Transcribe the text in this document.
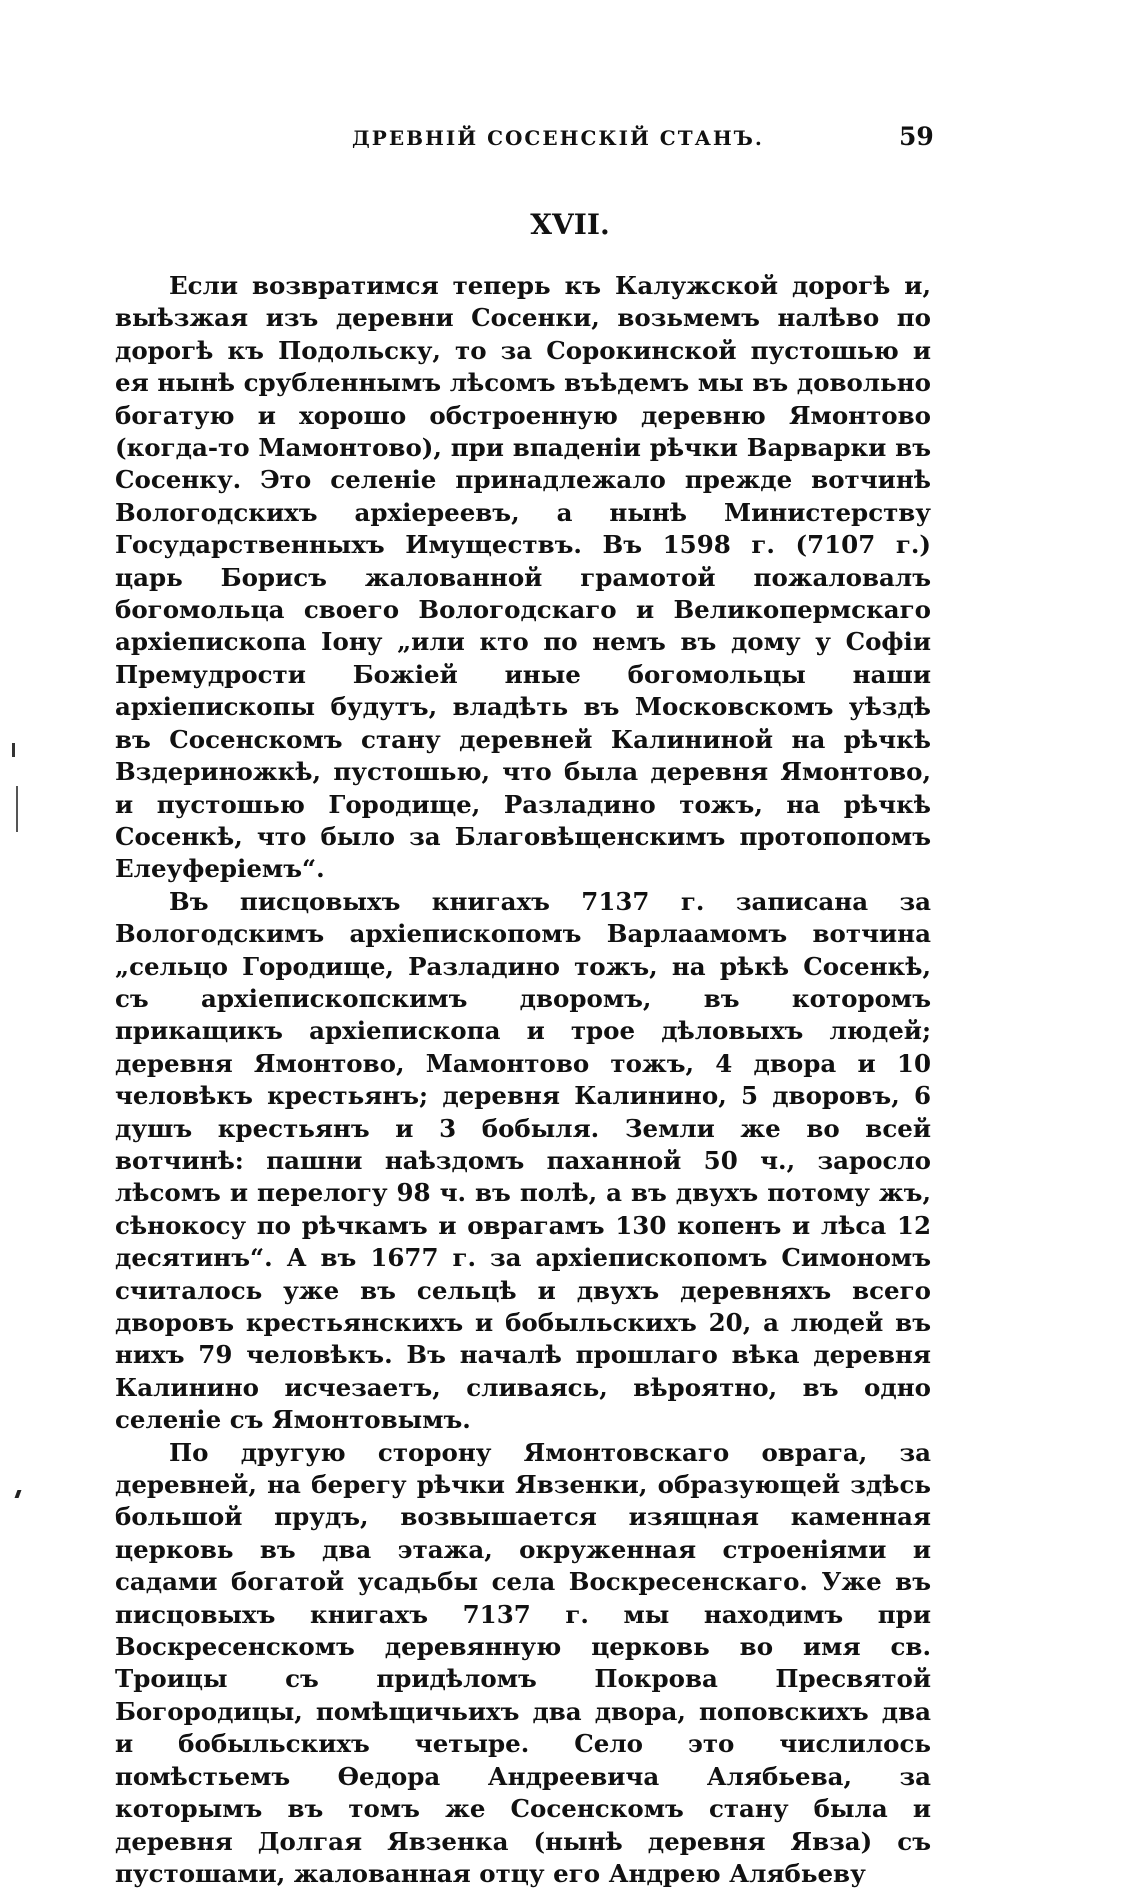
ДРЕВНІЙ СОСЕНСКІЙ СТАНЪ.	59
XVII.

Если возвратимся теперь къ Калужской дорогѣ и, выѣзжая изъ деревни Сосенки, возьмемъ налѣво по дорогѣ къ Подольску, то за Сорокинской пустошью и ея нынѣ срубленнымъ лѣсомъ въѣдемъ мы въ довольно богатую и хорошо обстроенную деревню Ямонтово (когда-то Мамонтово), при впаденіи рѣчки Варварки въ Сосенку. Это селеніе принадлежало прежде вотчинѣ Вологодскихъ архіереевъ, а нынѣ Министерству Государственныхъ Имуществъ. Въ 1598 г. (7107 г.) царь Борисъ жалованной грамотой пожаловалъ богомольца своего Вологодскаго и Великопермскаго архіепископа Іону „или кто по немъ въ дому у Софіи Премудрости Божіей иные богомольцы наши архіепископы будутъ, владѣть въ Московскомъ уѣздѣ въ Сосенскомъ стану деревней Калининой на рѣчкѣ Вздериножкѣ, пустошью, что была деревня Ямонтово, и пустошью Городище, Разладино тожъ, на рѣчкѣ Сосенкѣ, что было за Благовѣщенскимъ протопопомъ Елеуферіемъ“.

Въ писцовыхъ книгахъ 7137 г. записана за Вологодскимъ архіепископомъ Варлаамомъ вотчина „сельцо Городище, Разладино тожъ, на рѣкѣ Сосенкѣ, съ архіепископскимъ дворомъ, въ которомъ прикащикъ архіепископа и трое дѣловыхъ людей; деревня Ямонтово, Мамонтово тожъ, 4 двора и 10 человѣкъ крестьянъ; деревня Калинино, 5 дворовъ, 6 душъ крестьянъ и 3 бобыля. Земли же во всей вотчинѣ: пашни наѣздомъ паханной 50 ч., заросло лѣсомъ и перелогу 98 ч. въ полѣ, а въ двухъ потому жъ, сѣнокосу по рѣчкамъ и оврагамъ 130 копенъ и лѣса 12 десятинъ“. А въ 1677 г. за архіепископомъ Симономъ считалось уже въ сельцѣ и двухъ деревняхъ всего дворовъ крестьянскихъ и бобыльскихъ 20, а людей въ нихъ 79 человѣкъ. Въ началѣ прошлаго вѣка деревня Калинино исчезаетъ, сливаясь, вѣроятно, въ одно селеніе съ Ямонтовымъ.

По другую сторону Ямонтовскаго оврага, за деревней, на берегу рѣчки Явзенки, образующей здѣсь большой прудъ, возвышается изящная каменная церковь въ два этажа, окруженная строеніями и садами богатой усадьбы села Воскресенскаго. Уже въ писцовыхъ книгахъ 7137 г. мы находимъ при Воскресенскомъ деревянную церковь во имя св. Троицы съ придѣломъ Покрова Пресвятой Богородицы, помѣщичьихъ два двора, поповскихъ два и бобыльскихъ четыре. Село это числилось помѣстьемъ Ѳедора Андреевича Алябьева, за которымъ въ томъ же Сосенскомъ стану была и деревня Долгая Явзенка (нынѣ деревня Явза) съ пустошами, жалованная отцу его Андрею Алябьеву
